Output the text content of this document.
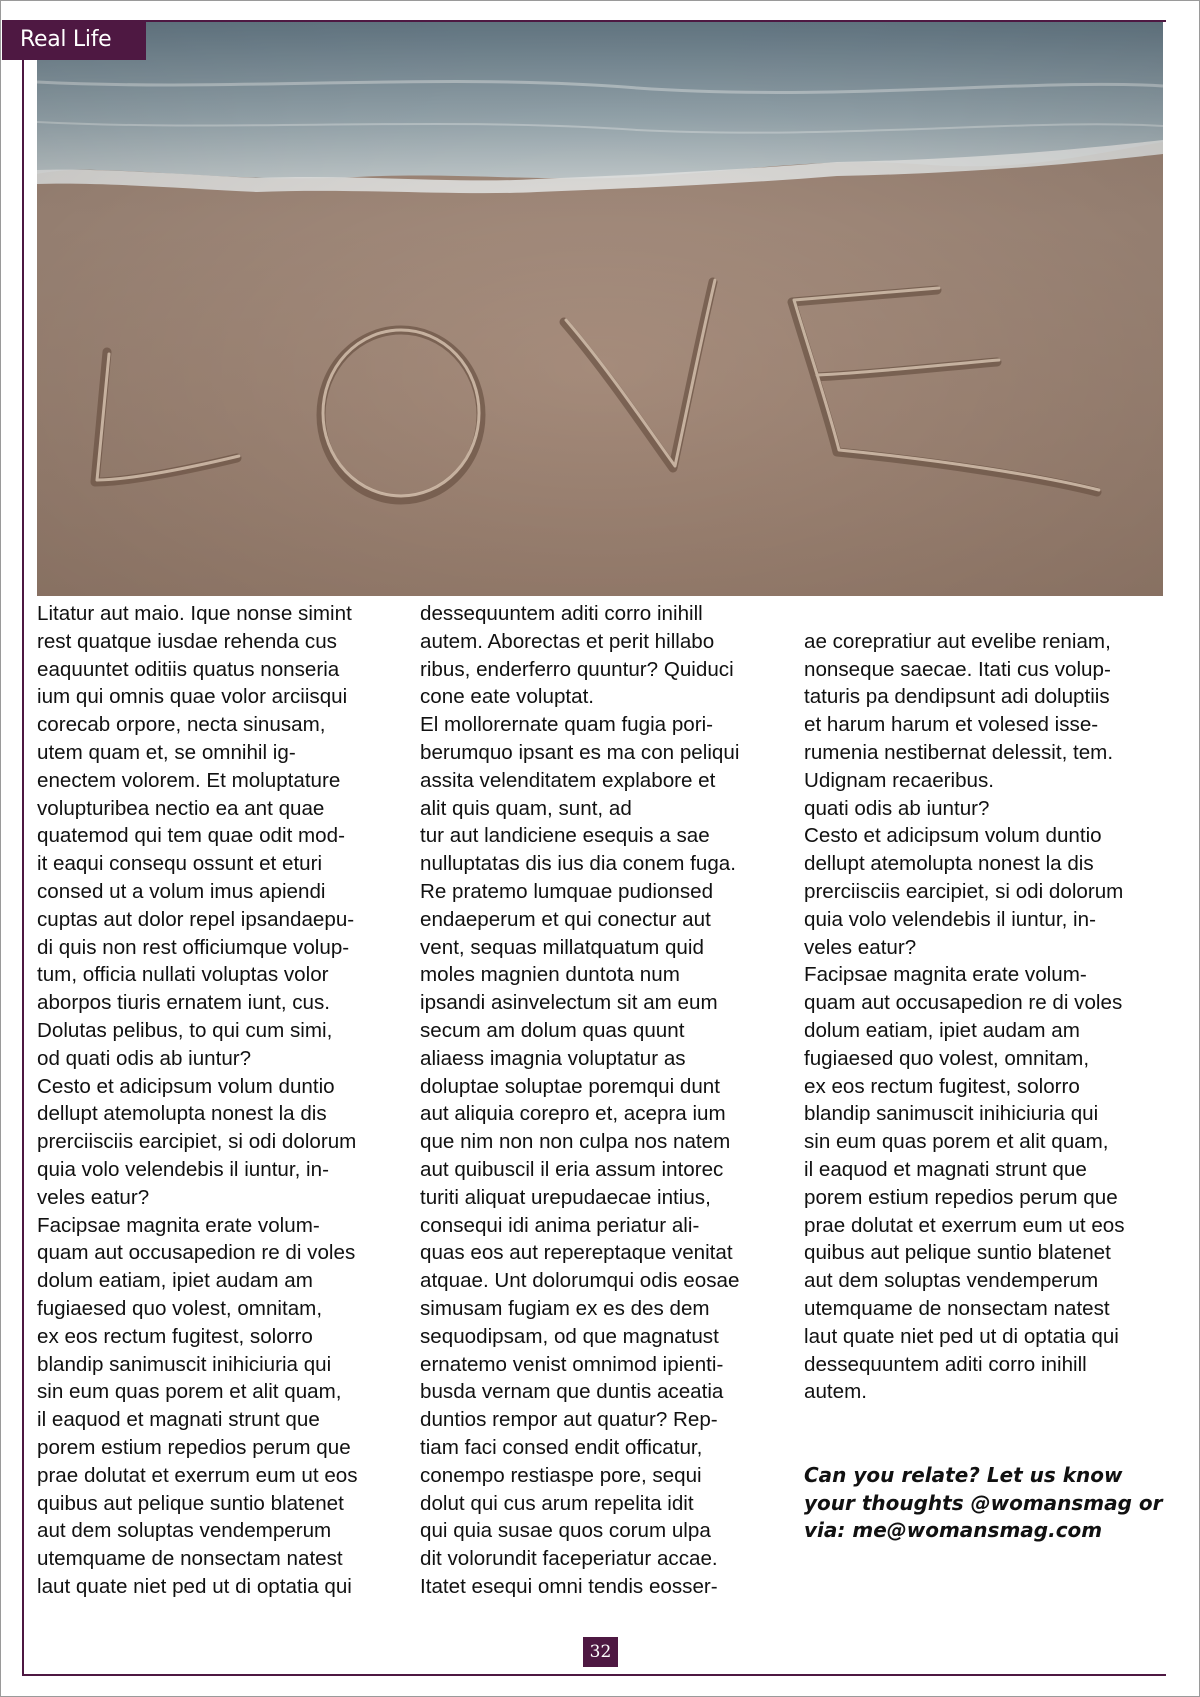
Real Life
Litatur aut maio. Ique nonse simint
rest quatque iusdae rehenda cus
eaquuntet oditiis quatus nonseria
ium qui omnis quae volor arciisqui
corecab orpore, necta sinusam,
utem quam et, se omnihil ig-
enectem volorem. Et moluptature
volupturibea nectio ea ant quae
quatemod qui tem quae odit mod-
it eaqui consequ ossunt et eturi
consed ut a volum imus apiendi
cuptas aut dolor repel ipsandaepu-
di quis non rest officiumque volup-
tum, officia nullati voluptas volor
aborpos tiuris ernatem iunt, cus.
Dolutas pelibus, to qui cum simi,
od quati odis ab iuntur?
Cesto et adicipsum volum duntio
dellupt atemolupta nonest la dis
prerciisciis earcipiet, si odi dolorum
quia volo velendebis il iuntur, in-
veles eatur?
Facipsae magnita erate volum-
quam aut occusapedion re di voles
dolum eatiam, ipiet audam am
fugiaesed quo volest, omnitam,
ex eos rectum fugitest, solorro
blandip sanimuscit inihiciuria qui
sin eum quas porem et alit quam,
il eaquod et magnati strunt que
porem estium repedios perum que
prae dolutat et exerrum eum ut eos
quibus aut pelique suntio blatenet
aut dem soluptas vendemperum
utemquame de nonsectam natest
laut quate niet ped ut di optatia qui
dessequuntem aditi corro inihill
autem. Aborectas et perit hillabo
ribus, enderferro quuntur? Quiduci
cone eate voluptat.
El mollorernate quam fugia pori-
berumquo ipsant es ma con peliqui
assita velenditatem explabore et
alit quis quam, sunt, ad
tur aut landiciene esequis a sae
nulluptatas dis ius dia conem fuga.
Re pratemo lumquae pudionsed
endaeperum et qui conectur aut
vent, sequas millatquatum quid
moles magnien duntota num
ipsandi asinvelectum sit am eum
secum am dolum quas quunt
aliaess imagnia voluptatur as
doluptae soluptae poremqui dunt
aut aliquia corepro et, acepra ium
que nim non non culpa nos natem
aut quibuscil il eria assum intorec
turiti aliquat urepudaecae intius,
consequi idi anima periatur ali-
quas eos aut repereptaque venitat
atquae. Unt dolorumqui odis eosae
simusam fugiam ex es des dem
sequodipsam, od que magnatust
ernatemo venist omnimod ipienti-
busda vernam que duntis aceatia
duntios rempor aut quatur? Rep-
tiam faci consed endit officatur,
conempo restiaspe pore, sequi
dolut qui cus arum repelita idit
qui quia susae quos corum ulpa
dit volorundit faceperiatur accae.
Itatet esequi omni tendis eosser-

ae corepratiur aut evelibe reniam,
nonseque saecae. Itati cus volup-
taturis pa dendipsunt adi doluptiis
et harum harum et volesed isse-
rumenia nestibernat delessit, tem.
Udignam recaeribus.
quati odis ab iuntur?
Cesto et adicipsum volum duntio
dellupt atemolupta nonest la dis
prerciisciis earcipiet, si odi dolorum
quia volo velendebis il iuntur, in-
veles eatur?
Facipsae magnita erate volum-
quam aut occusapedion re di voles
dolum eatiam, ipiet audam am
fugiaesed quo volest, omnitam,
ex eos rectum fugitest, solorro
blandip sanimuscit inihiciuria qui
sin eum quas porem et alit quam,
il eaquod et magnati strunt que
porem estium repedios perum que
prae dolutat et exerrum eum ut eos
quibus aut pelique suntio blatenet
aut dem soluptas vendemperum
utemquame de nonsectam natest
laut quate niet ped ut di optatia qui
dessequuntem aditi corro inihill
autem.

Can you relate? Let us know
your thoughts @womansmag or
via: me@womansmag.com

32
